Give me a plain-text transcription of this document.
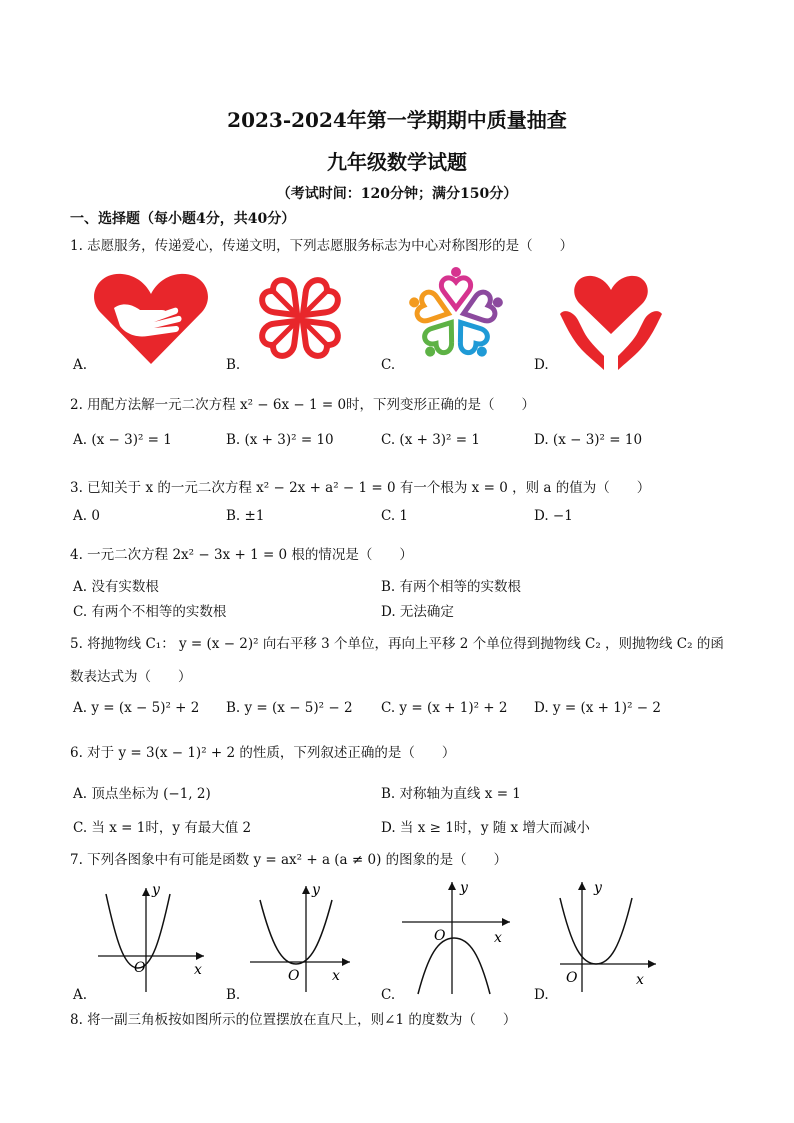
2023-2024年第一学期期中质量抽查
九年级数学试题
（考试时间：120分钟；满分150分）
一、选择题（每小题4分，共40分）
1. 志愿服务，传递爱心，传递文明，下列志愿服务标志为中心对称图形的是（　　）
A.	B.	C.	D.
2. 用配方法解一元二次方程 x² − 6x − 1 = 0时，下列变形正确的是（　　）
A. (x − 3)² = 1	B. (x + 3)² = 10	C. (x + 3)² = 1	D. (x − 3)² = 10
3. 已知关于 x 的一元二次方程 x² − 2x + a² − 1 = 0 有一个根为 x = 0 ，则 a 的值为（　　）
A. 0	B. ±1	C. 1	D. −1
4. 一元二次方程 2x² − 3x + 1 = 0 根的情况是（　　）
A. 没有实数根	B. 有两个相等的实数根
C. 有两个不相等的实数根	D. 无法确定
5. 将抛物线 C₁： y = (x − 2)² 向右平移 3 个单位，再向上平移 2 个单位得到抛物线 C₂ ，则抛物线 C₂ 的函
数表达式为（　　）
A. y = (x − 5)² + 2 B. y = (x − 5)² − 2 C. y = (x + 1)² + 2 D. y = (x + 1)² − 2
6. 对于 y = 3(x − 1)² + 2 的性质，下列叙述正确的是（　　）
A. 顶点坐标为 (−1, 2)	B. 对称轴为直线 x = 1
C. 当 x = 1时，y 有最大值 2	D. 当 x ≥ 1时，y 随 x 增大而减小
7. 下列各图象中有可能是函数 y = ax² + a (a ≠ 0) 的图象的是（　　）
y
x
O
A.
y
x
O
B.
y
x
O
C.
y
x
O
D.
8. 将一副三角板按如图所示的位置摆放在直尺上，则∠1 的度数为（　　）
